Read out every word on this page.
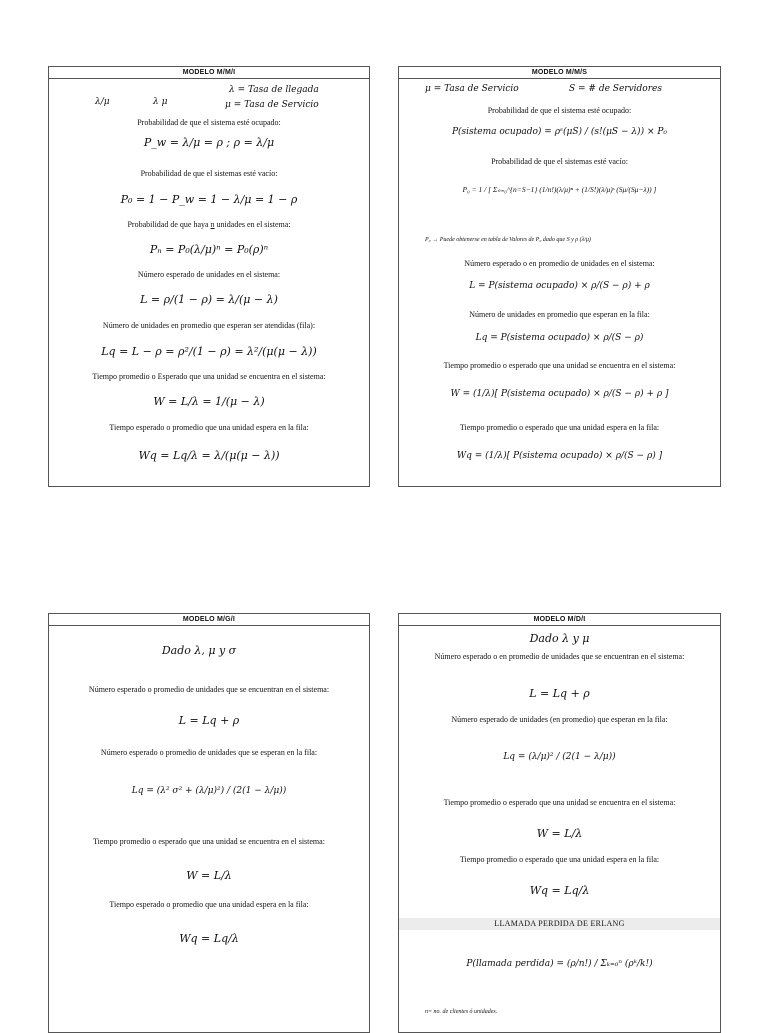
MODELO M/M/I
λ = Tasa de llegada
λ/μ	λ μ	μ = Tasa de Servicio
Probabilidad de que el sistema esté ocupado:
P_w = λ/μ = ρ ; ρ = λ/μ
Probabilidad de que el sistemas esté vacío:
P₀ = 1 − P_w = 1 − λ/μ = 1 − ρ
Probabilidad de que haya n unidades en el sistema:
Pₙ = P₀(λ/μ)ⁿ = P₀(ρ)ⁿ
Número esperado de unidades en el sistema:
L = ρ/(1 − ρ) = λ/(μ − λ)
Número de unidades en promedio que esperan ser atendidas (fila):
Lq = L − ρ = ρ²/(1 − ρ) = λ²/(μ(μ − λ))
Tiempo promedio o Esperado que una unidad se encuentra en el sistema:
W = L/λ = 1/(μ − λ)
Tiempo esperado o promedio que una unidad espera en la fila:
Wq = Lq/λ = λ/(μ(μ − λ))
MODELO M/M/S
μ = Tasa de Servicio	S = # de Servidores
Probabilidad de que el sistema esté ocupado:
P(sistema ocupado) = ρˢ(μS) / (s!(μS − λ)) × P₀
Probabilidad de que el sistemas esté vacío:
P₀ = 1 / [ Σₙ₌₀^{n=S−1} (1/n!)(λ/μ)ⁿ + (1/S!)(λ/μ)ˢ (Sμ/(Sμ−λ)) ]
P₀ → Puede obtenerse en tabla de Valores de P₀ dado que S y ρ (λ/μ)
Número esperado o en promedio de unidades en el sistema:
L = P(sistema ocupado) × ρ/(S − ρ) + ρ
Número de unidades en promedio que esperan en la fila:
Lq = P(sistema ocupado) × ρ/(S − ρ)
Tiempo promedio o esperado que una unidad se encuentra en el sistema:
W = (1/λ)[ P(sistema ocupado) × ρ/(S − ρ) + ρ ]
Tiempo promedio o esperado que una unidad espera en la fila:
Wq = (1/λ)[ P(sistema ocupado) × ρ/(S − ρ) ]
MODELO M/G/I
Dado λ, μ y σ
Número esperado o promedio de unidades que se encuentran en el sistema:
L = Lq + ρ
Número esperado o promedio de unidades que se esperan en la fila:
Lq = (λ² σ² + (λ/μ)²) / (2(1 − λ/μ))
Tiempo promedio o esperado que una unidad se encuentra en el sistema:
W = L/λ
Tiempo esperado o promedio que una unidad espera en la fila:
Wq = Lq/λ
MODELO M/D/I
Dado λ y μ
Número esperado o en promedio de unidades que se encuentran en el sistema:
L = Lq + ρ
Número esperado de unidades (en promedio) que esperan en la fila:
Lq = (λ/μ)² / (2(1 − λ/μ))
Tiempo promedio o esperado que una unidad se encuentra en el sistema:
W = L/λ
Tiempo promedio o esperado que una unidad espera en la fila:
Wq = Lq/λ
LLAMADA PERDIDA DE ERLANG
P(llamada perdida) = (ρ/n!) / Σₖ₌₀ⁿ (ρᵏ/k!)
n= no. de clientes ó unidades.
